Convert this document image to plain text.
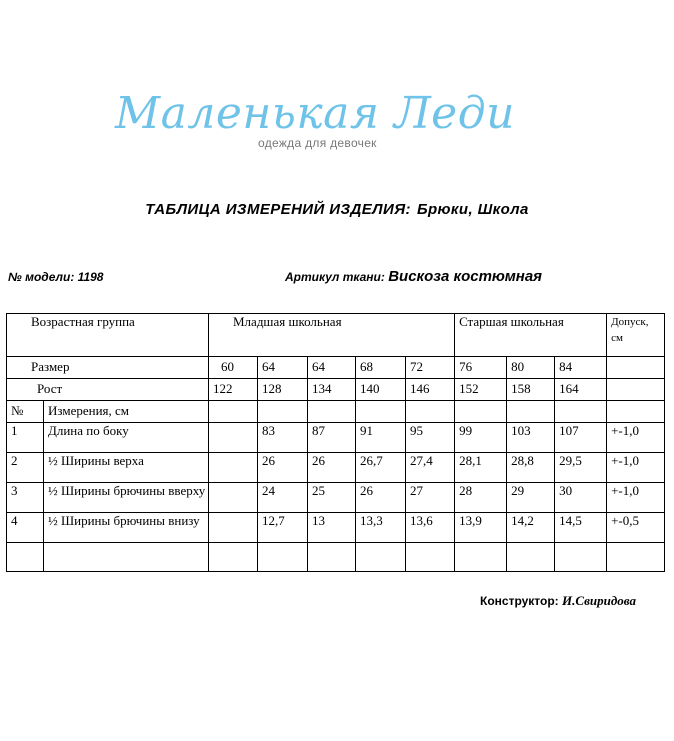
Маленькая Леди
одежда для девочек
ТАБЛИЦА ИЗМЕРЕНИЙ ИЗДЕЛИЯ: Брюки, Школа
№ модели: 1198	Артикул ткани: Вискоза костюмная
Возрастная группа		Младшая школьная					Старшая школьная			Допуск, см
Размер		60	64	64	68	72	76	80	84	
Рост		122	128	134	140	146	152	158	164	
№	Измерения, см									
1	Длина по боку		83	87	91	95	99	103	107	+-1,0
2	½ Ширины верха		26	26	26,7	27,4	28,1	28,8	29,5	+-1,0
3	½ Ширины брючины вверху		24	25	26	27	28	29	30	+-1,0
4	½ Ширины брючины внизу		12,7	13	13,3	13,6	13,9	14,2	14,5	+-0,5

Конструктор: И.Свиридова
